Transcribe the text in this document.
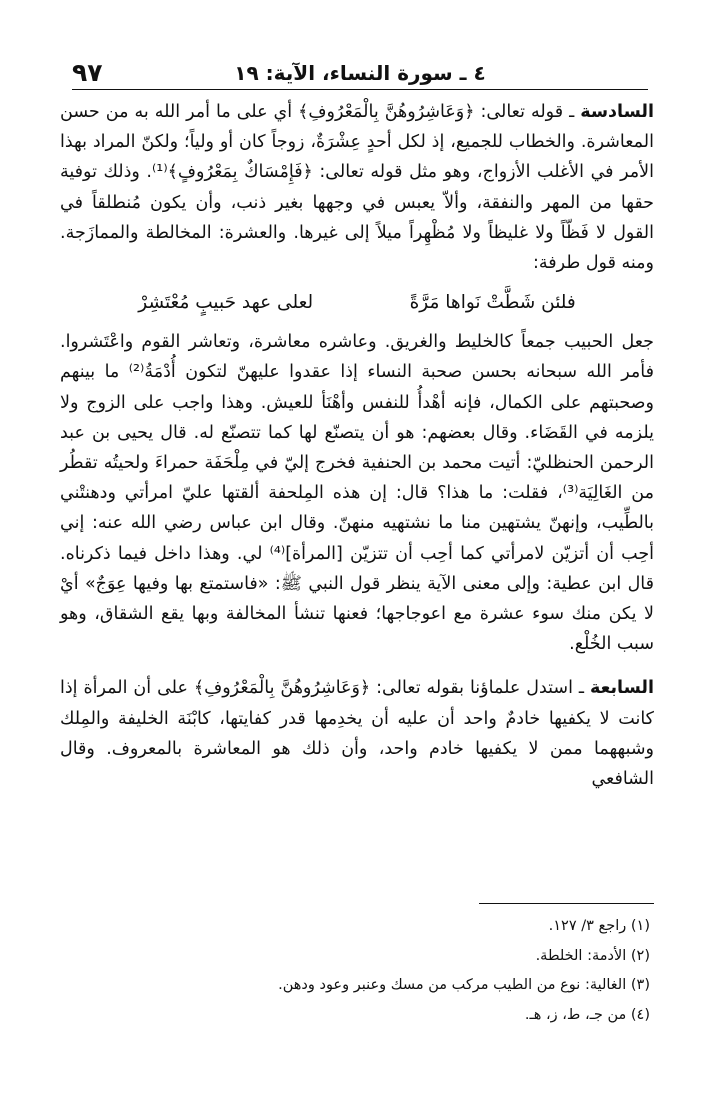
٩٧	٤ ـ سورة النساء، الآية: ١٩

السادسة ـ قوله تعالى: ﴿وَعَاشِرُوهُنَّ بِالْمَعْرُوفِ﴾ أي على ما أمر الله به من حسن المعاشرة. والخطاب للجميع، إذ لكل أحدٍ عِشْرَةٌ، زوجاً كان أو ولياً؛ ولكنّ المراد بهذا الأمر في الأغلب الأزواج، وهو مثل قوله تعالى: ﴿فَإِمْسَاكٌ بِمَعْرُوفٍ﴾⁽¹⁾. وذلك توفية حقها من المهر والنفقة، وألاّ يعبس في وجهها بغير ذنب، وأن يكون مُنطلقاً في القول لا فَظّاً ولا غليظاً ولا مُظْهِراً ميلاً إلى غيرها. والعشرة: المخالطة والممازَجة. ومنه قول طرفة:

فلئن شَطَّتْ نَواها مَرَّةً
لعلى عهد حَبيبٍ مُعْتَشِرْ

جعل الحبيب جمعاً كالخليط والغريق. وعاشره معاشرة، وتعاشر القوم واعْتَشروا. فأمر الله سبحانه بحسن صحبة النساء إذا عقدوا عليهنّ لتكون أُدْمَةُ⁽²⁾ ما بينهم وصحبتهم على الكمال، فإنه أهْدأُ للنفس وأهْنَأ للعيش. وهذا واجب على الزوج ولا يلزمه في القَضَاء. وقال بعضهم: هو أن يتصنّع لها كما تتصنّع له. قال يحيى بن عبد الرحمن الحنظليّ: أتيت محمد بن الحنفية فخرج إليّ في مِلْحَفَة حمراءَ ولحيتُه تقطُر من الغَالِيَة⁽³⁾، فقلت: ما هذا؟ قال: إن هذه المِلحفة ألقتها عليّ امرأتي ودهنتْني بالطِّيب، وإنهنّ يشتهين منا ما نشتهيه منهنّ. وقال ابن عباس رضي الله عنه: إني أحِب أن أتزيّن لامرأتي كما أحِب أن تتزيّن [المرأة]⁽⁴⁾ لي. وهذا داخل فيما ذكرناه. قال ابن عطية: وإلى معنى الآية ينظر قول النبي ﷺ: «فاستمتع بها وفيها عِوَجٌ» أيْ لا يكن منك سوء عشرة مع اعوجاجها؛ فعنها تنشأ المخالفة وبها يقع الشقاق، وهو سبب الخُلْع.

السابعة ـ استدل علماؤنا بقوله تعالى: ﴿وَعَاشِرُوهُنَّ بِالْمَعْرُوفِ﴾ على أن المرأة إذا كانت لا يكفيها خادمٌ واحد أن عليه أن يخدِمها قدر كفايتها، كابْنَة الخليفة والمِلك وشبههما ممن لا يكفيها خادم واحد، وأن ذلك هو المعاشرة بالمعروف. وقال الشافعي

(١) راجع ٣/ ١٢٧.

(٢) الأدمة: الخلطة.

(٣) الغالية: نوع من الطيب مركب من مسك وعنبر وعود ودهن.

(٤) من جـ، ط، ز، هـ.
